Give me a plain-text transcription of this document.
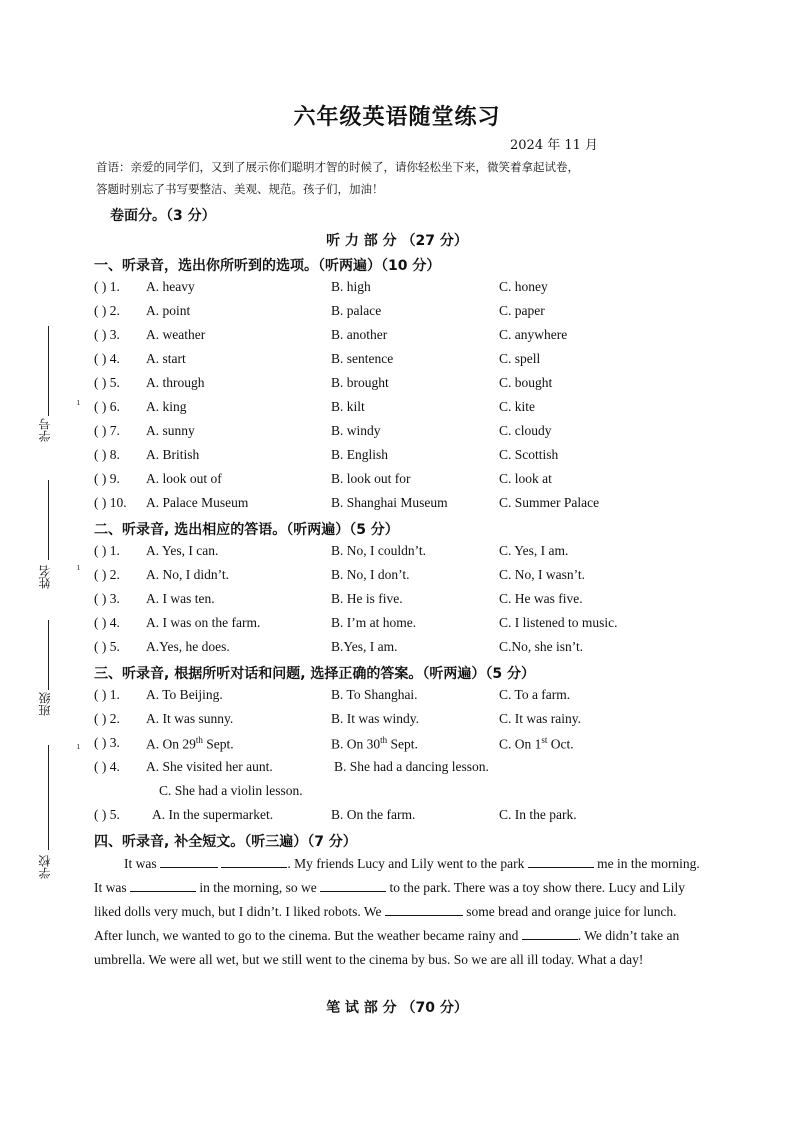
六年级英语随堂练习
2024 年 11 月
首语：亲爱的同学们，又到了展示你们聪明才智的时候了，请你轻松坐下来，微笑着拿起试卷，
答题时别忘了书写要整洁、美观、规范。孩子们，加油！
卷面分。（3 分）
听 力 部 分 （27 分）
学号
姓名
班级
学校
ı
ı
ı
一、听录音，选出你所听到的选项。（听两遍）（10 分）
( ) 1. A. heavy	B. high	C. honey
( ) 2. A. point	B. palace	C. paper
( ) 3. A. weather	B. another	C. anywhere
( ) 4. A. start	B. sentence	C. spell
( ) 5. A. through	B. brought	C. bought
( ) 6. A. king	B. kilt	C. kite
( ) 7. A. sunny	B. windy	C. cloudy
( ) 8. A. British	B. English	C. Scottish
( ) 9. A. look out of	B. look out for	C. look at
( ) 10. A. Palace Museum	B. Shanghai Museum	C. Summer Palace
二、听录音, 选出相应的答语。（听两遍）（5 分）
( ) 1. A. Yes, I can.	B. No, I couldn’t.	C. Yes, I am.
( ) 2. A. No, I didn’t.	B. No, I don’t.	C. No, I wasn’t.
( ) 3. A. I was ten.	B. He is five.	C. He was five.
( ) 4. A. I was on the farm.	B. I’m at home.	C. I listened to music.
( ) 5. A.Yes, he does.	B.Yes, I am.	C.No, she isn’t.
三、听录音, 根据所听对话和问题, 选择正确的答案。（听两遍）（5 分）
( ) 1. A. To Beijing.	B. To Shanghai.	C. To a farm.
( ) 2. A. It was sunny.	B. It was windy.	C. It was rainy.
( ) 3. A. On 29th Sept.	B. On 30th Sept.	C. On 1st Oct.
( ) 4. A. She visited her aunt.	B. She had a dancing lesson.
C. She had a violin lesson.
( ) 5. A. In the supermarket.	B. On the farm.	C. In the park.
四、听录音, 补全短文。（听三遍）（7 分）
It was	. My friends Lucy and Lily went to the park	me in the morning. It was	in the morning, so we	to the park. There was a toy show there. Lucy and Lily liked dolls very much, but I didn’t. I liked robots. We	some bread and orange juice for lunch. After lunch, we wanted to go to the cinema. But the weather became rainy and	. We didn’t take an umbrella. We were all wet, but we still went to the cinema by bus. So we are all ill today. What a day!
笔 试 部 分 （70 分）
